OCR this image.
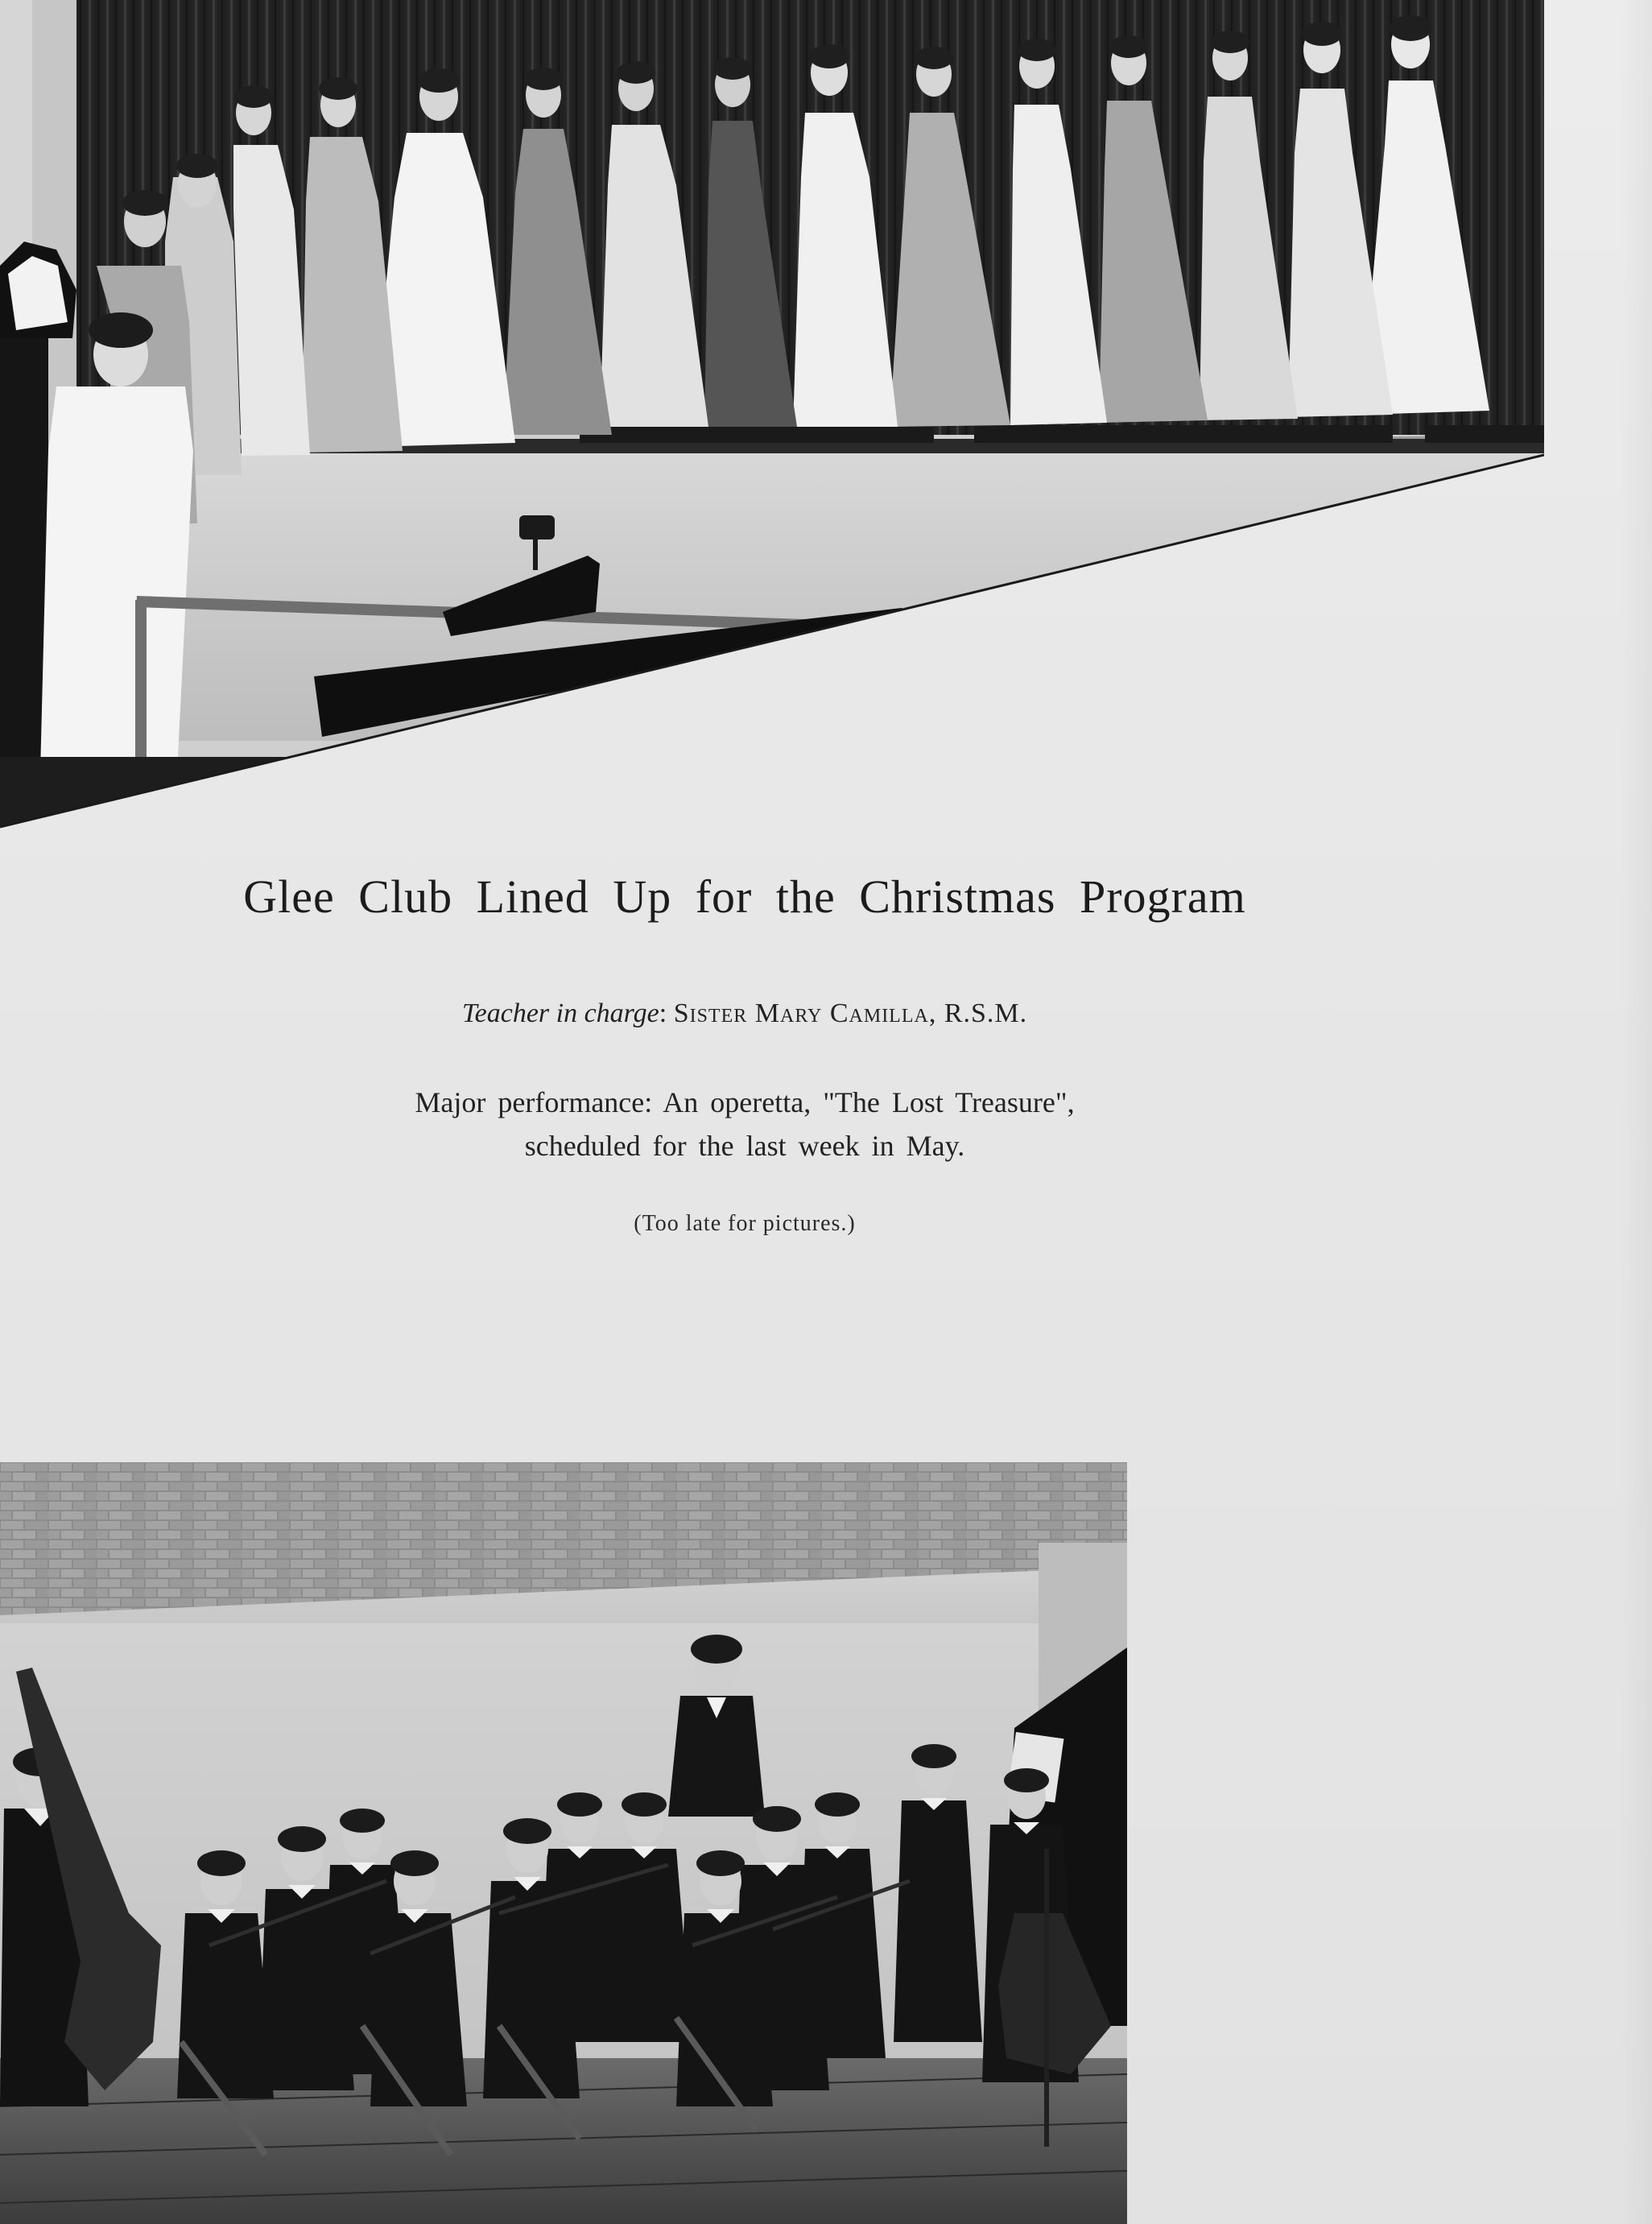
Glee Club Lined Up for the Christmas Program
Teacher in charge: Sister Mary Camilla, R.S.M.
Major performance: An operetta, "The Lost Treasure",
scheduled for the last week in May.
(Too late for pictures.)
